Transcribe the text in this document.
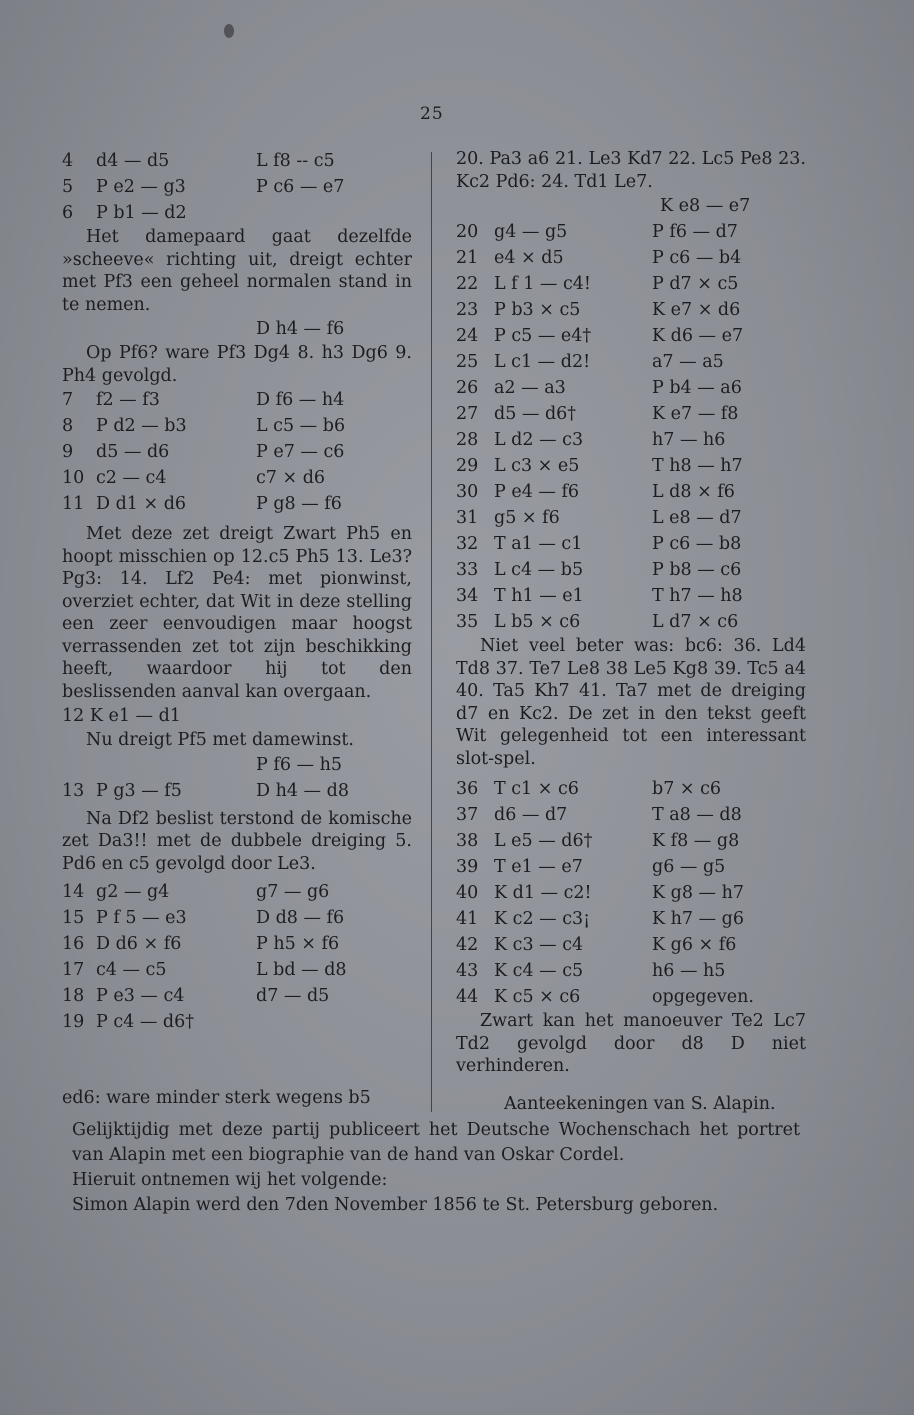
25
4	d4 — d5	L f8 -- c5
5	P e2 — g3	P c6 — e7
6	P b1 — d2

Het damepaard gaat dezelfde »scheeve« richting uit, dreigt echter met Pf3 een geheel normalen stand in te nemen.

D h4 — f6

Op Pf6? ware Pf3 Dg4 8. h3 Dg6 9. Ph4 gevolgd.

7	f2 — f3	D f6 — h4
8	P d2 — b3	L c5 — b6
9	d5 — d6	P e7 — c6
10 c2 — c4	c7 × d6
11 D d1 × d6	P g8 — f6

Met deze zet dreigt Zwart Ph5 en hoopt misschien op 12.c5 Ph5 13. Le3? Pg3: 14. Lf2 Pe4: met pionwinst, overziet echter, dat Wit in deze stelling een zeer eenvoudigen maar hoogst verrassenden zet tot zijn beschikking heeft, waardoor hij tot den beslissenden aanval kan overgaan.

12 K e1 — d1

Nu dreigt Pf5 met damewinst.

P f6 — h5
13 P g3 — f5	D h4 — d8

Na Df2 beslist terstond de komische zet Da3!! met de dubbele dreiging 5. Pd6 en c5 gevolgd door Le3.

14 g2 — g4	g7 — g6
15 P f 5 — e3	D d8 — f6
16 D d6 × f6	P h5 × f6
17 c4 — c5	L bd — d8
18 P e3 — c4	d7 — d5
19 P c4 — d6†
ed6: ware minder sterk wegens b5

20. Pa3 a6 21. Le3 Kd7 22. Lc5 Pe8 23. Kc2 Pd6: 24. Td1 Le7.

K e8 — e7
20 g4 — g5	P f6 — d7
21 e4 × d5	P c6 — b4
22 L f 1 — c4!	P d7 × c5
23 P b3 × c5	K e7 × d6
24 P c5 — e4†	K d6 — e7
25 L c1 — d2!	a7 — a5
26 a2 — a3	P b4 — a6
27 d5 — d6†	K e7 — f8
28 L d2 — c3	h7 — h6
29 L c3 × e5	T h8 — h7
30 P e4 — f6	L d8 × f6
31 g5 × f6	L e8 — d7
32 T a1 — c1	P c6 — b8
33 L c4 — b5	P b8 — c6
34 T h1 — e1	T h7 — h8
35 L b5 × c6	L d7 × c6

Niet veel beter was: bc6: 36. Ld4 Td8 37. Te7 Le8 38 Le5 Kg8 39. Tc5 a4 40. Ta5 Kh7 41. Ta7 met de dreiging d7 en Kc2. De zet in den tekst geeft Wit gelegenheid tot een interessant slot-spel.

36 T c1 × c6	b7 × c6
37 d6 — d7	T a8 — d8
38 L e5 — d6†	K f8 — g8
39 T e1 — e7	g6 — g5
40 K d1 — c2!	K g8 — h7
41 K c2 — c3¡	K h7 — g6
42 K c3 — c4	K g6 × f6
43 K c4 — c5	h6 — h5
44 K c5 × c6	opgegeven.

Zwart kan het manoeuver Te2 Lc7 Td2 gevolgd door d8 D niet verhinderen.

Aanteekeningen van S. Alapin.

Gelijktijdig met deze partij publiceert het Deutsche Wochenschach het portret van Alapin met een biographie van de hand van Oskar Cordel.

Hieruit ontnemen wij het volgende:

Simon Alapin werd den 7den November 1856 te St. Petersburg geboren.
